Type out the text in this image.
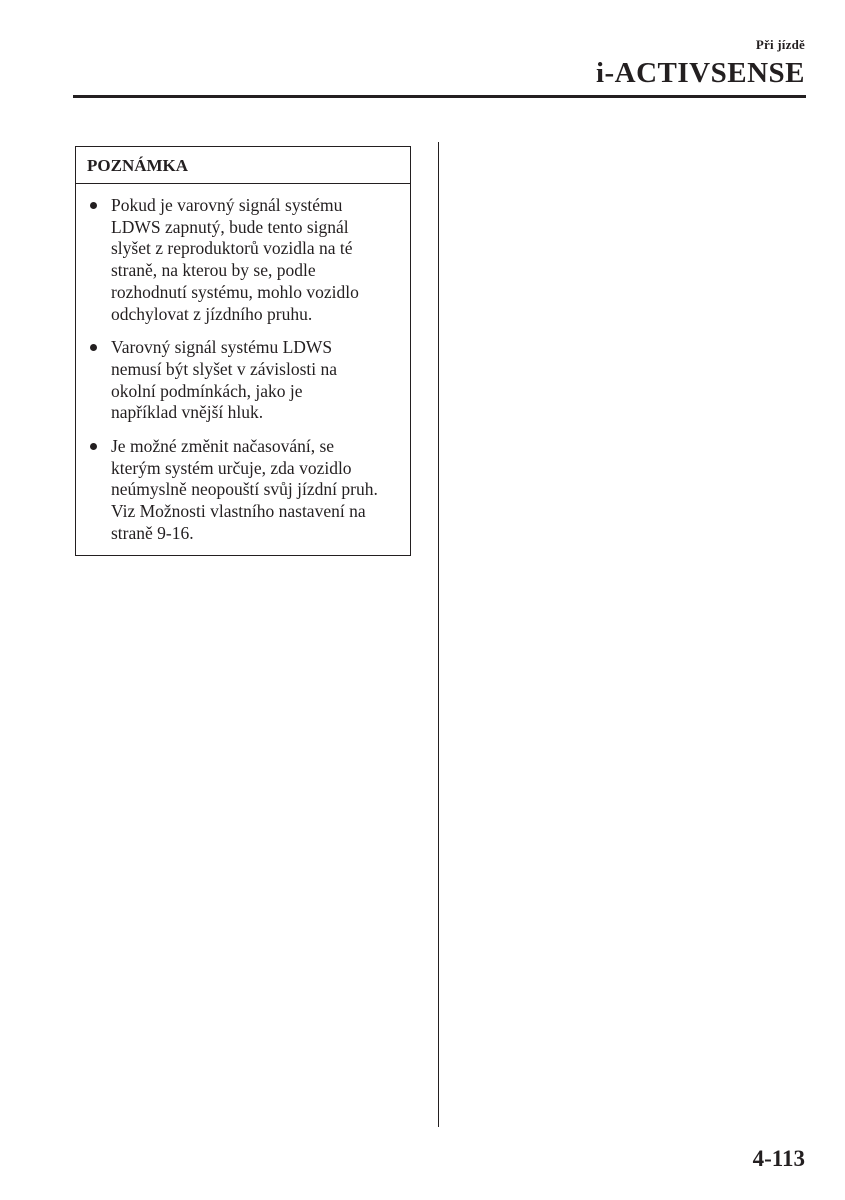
Při jízdě
i-ACTIVSENSE
POZNÁMKA
Pokud je varovný signál systému
LDWS zapnutý, bude tento signál
slyšet z reproduktorů vozidla na té
straně, na kterou by se, podle
rozhodnutí systému, mohlo vozidlo
odchylovat z jízdního pruhu.
Varovný signál systému LDWS
nemusí být slyšet v závislosti na
okolní podmínkách, jako je
například vnější hluk.
Je možné změnit načasování, se
kterým systém určuje, zda vozidlo
neúmyslně neopouští svůj jízdní pruh.
Viz Možnosti vlastního nastavení na
straně 9-16.
4-113
